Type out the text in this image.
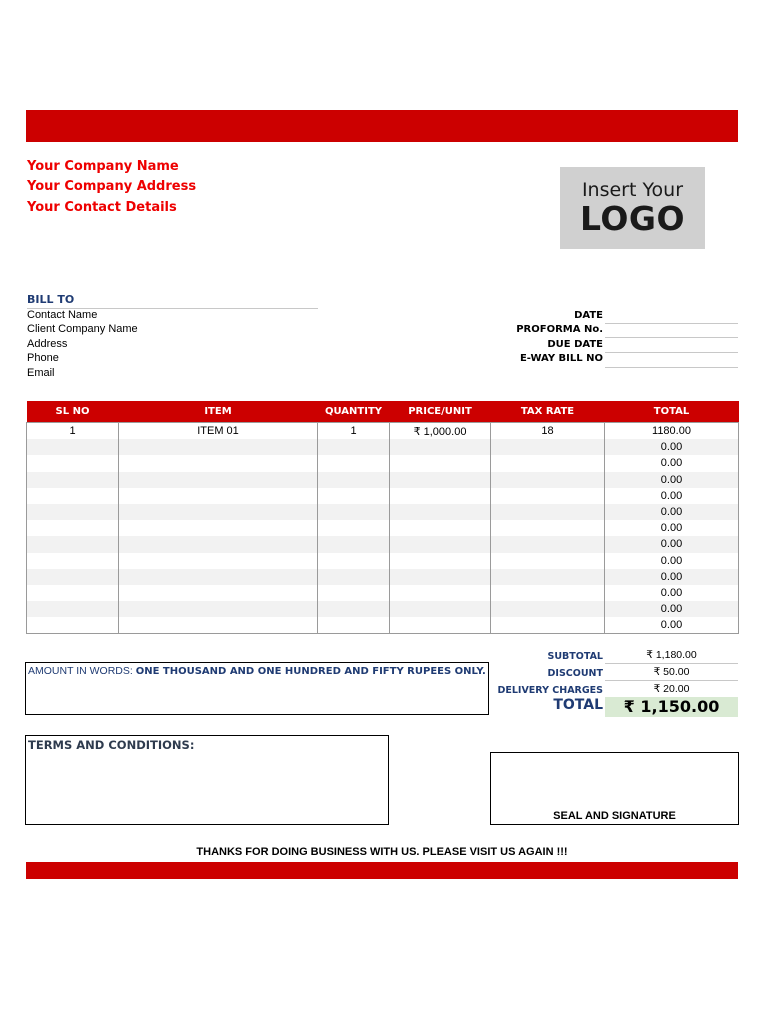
Your Company Name
Your Company Address
Your Contact Details
Insert Your
LOGO
BILL TO
Contact Name
Client Company Name
Address
Phone
Email
DATE
PROFORMA No.
DUE DATE
E-WAY BILL NO
SL NO	ITEM	QUANTITY	PRICE/UNIT	TAX RATE	TOTAL
1	ITEM 01	1	₹ 1,000.00	18	1180.00
					0.00
					0.00
					0.00
					0.00
					0.00
					0.00
					0.00
					0.00
					0.00
					0.00
					0.00
					0.00
AMOUNT IN WORDS: ONE THOUSAND AND ONE HUNDRED AND FIFTY RUPEES ONLY.
SUBTOTAL	₹ 1,180.00
DISCOUNT	₹ 50.00
DELIVERY CHARGES	₹ 20.00
TOTAL	₹ 1,150.00
TERMS AND CONDITIONS:
SEAL AND SIGNATURE
THANKS FOR DOING BUSINESS WITH US. PLEASE VISIT US AGAIN !!!
